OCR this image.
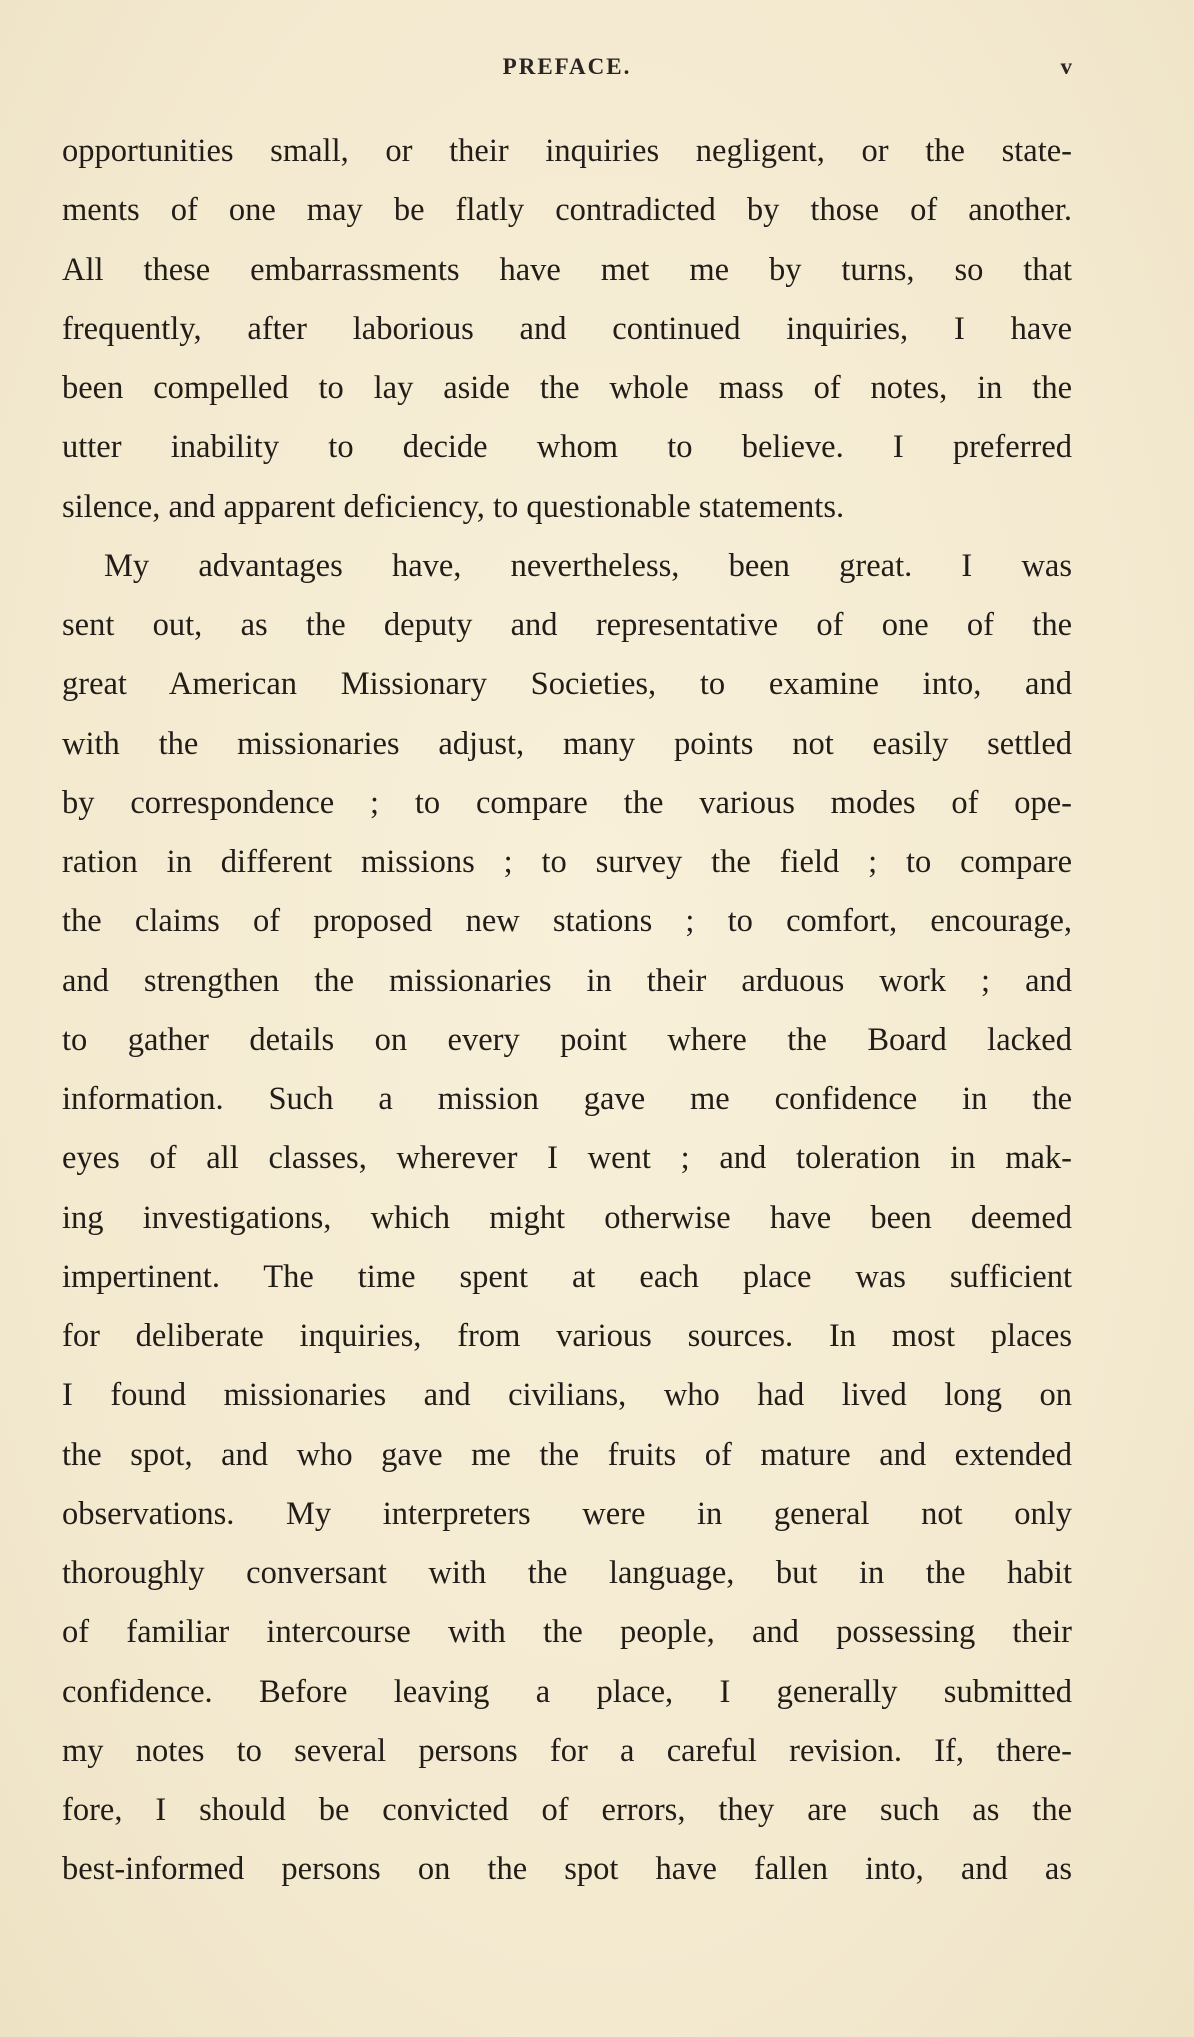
PREFACE.	v
opportunities small, or their inquiries negligent, or the state-
ments of one may be flatly contradicted by those of another.
All these embarrassments have met me by turns, so that
frequently, after laborious and continued inquiries, I have
been compelled to lay aside the whole mass of notes, in the
utter inability to decide whom to believe. I preferred
silence, and apparent deficiency, to questionable statements.
My advantages have, nevertheless, been great. I was
sent out, as the deputy and representative of one of the
great American Missionary Societies, to examine into, and
with the missionaries adjust, many points not easily settled
by correspondence ; to compare the various modes of ope-
ration in different missions ; to survey the field ; to compare
the claims of proposed new stations ; to comfort, encourage,
and strengthen the missionaries in their arduous work ; and
to gather details on every point where the Board lacked
information. Such a mission gave me confidence in the
eyes of all classes, wherever I went ; and toleration in mak-
ing investigations, which might otherwise have been deemed
impertinent. The time spent at each place was sufficient
for deliberate inquiries, from various sources. In most places
I found missionaries and civilians, who had lived long on
the spot, and who gave me the fruits of mature and extended
observations. My interpreters were in general not only
thoroughly conversant with the language, but in the habit
of familiar intercourse with the people, and possessing their
confidence. Before leaving a place, I generally submitted
my notes to several persons for a careful revision. If, there-
fore, I should be convicted of errors, they are such as the
best-informed persons on the spot have fallen into, and as
